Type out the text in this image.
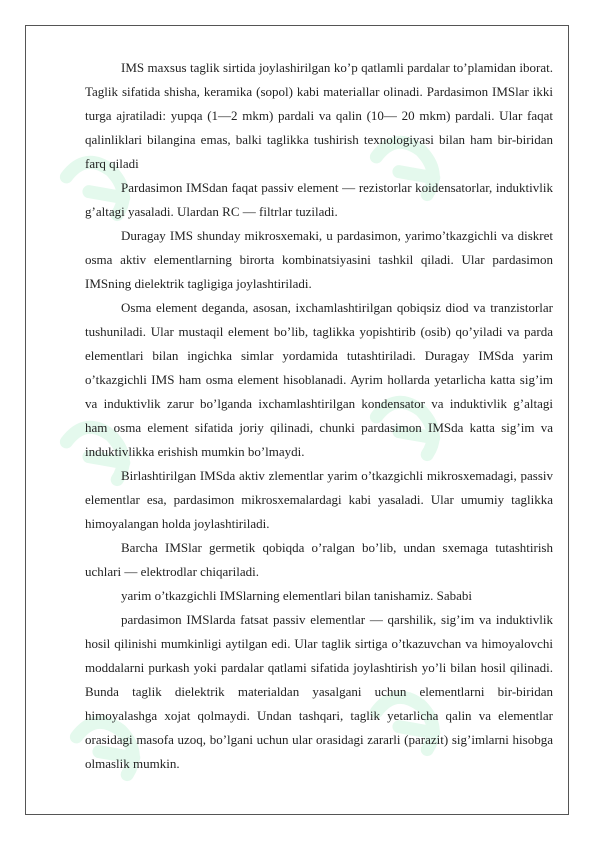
IMS maxsus taglik sirtida joylashirilgan ko’p qatlamli pardalar to’plamidan iborat. Taglik sifatida shisha, keramika (sopol) kabi materiallar olinadi. Pardasimon IMSlar ikki turga ajratiladi: yupqa (1—2 mkm) pardali va qalin (10— 20 mkm) pardali. Ular faqat qalinliklari bilangina emas, balki taglikka tushirish texnologiyasi bilan ham bir-biridan farq qiladi

Pardasimon IMSdan faqat passiv element — rezistorlar koidensatorlar, induktivlik g’altagi yasaladi. Ulardan RC — filtrlar tuziladi.

Duragay IMS shunday mikrosxemaki, u pardasimon, yarimo’tkazgichli va diskret osma aktiv elementlarning birorta kombinatsiyasini tashkil qiladi. Ular pardasimon IMSning dielektrik tagligiga joylashtiriladi.

Osma element deganda, asosan, ixchamlashtirilgan qobiqsiz diod va tranzistorlar tushuniladi. Ular mustaqil element bo’lib, taglikka yopishtirib (osib) qo’yiladi va parda elementlari bilan ingichka simlar yordamida tutashtiriladi. Duragay IMSda yarim o’tkazgichli IMS ham osma element hisoblanadi. Ayrim hollarda yetarlicha katta sig’im va induktivlik zarur bo’lganda ixchamlashtirilgan kondensator va induktivlik g’altagi ham osma element sifatida joriy qilinadi, chunki pardasimon IMSda katta sig’im va induktivlikka erishish mumkin bo’lmaydi.

Birlashtirilgan IMSda aktiv zlementlar yarim o’tkazgichli mikrosxemadagi, passiv elementlar esa, pardasimon mikrosxemalardagi kabi yasaladi. Ular umumiy taglikka himoyalangan holda joylashtiriladi.

Barcha IMSlar germetik qobiqda o’ralgan bo’lib, undan sxemaga tutashtirish uchlari — elektrodlar chiqariladi.

yarim o’tkazgichli IMSlarning elementlari bilan tanishamiz. Sababi

pardasimon IMSlarda fatsat passiv elementlar — qarshilik, sig’im va induktivlik hosil qilinishi mumkinligi aytilgan edi. Ular taglik sirtiga o’tkazuvchan va himoyalovchi moddalarni purkash yoki pardalar qatlami sifatida joylashtirish yo’li bilan hosil qilinadi. Bunda taglik dielektrik materialdan yasalgani uchun elementlarni bir-biridan himoyalashga xojat qolmaydi. Undan tashqari, taglik yetarlicha qalin va elementlar orasidagi masofa uzoq, bo’lgani uchun ular orasidagi zararli (parazit) sig’imlarni hisobga olmaslik mumkin.
